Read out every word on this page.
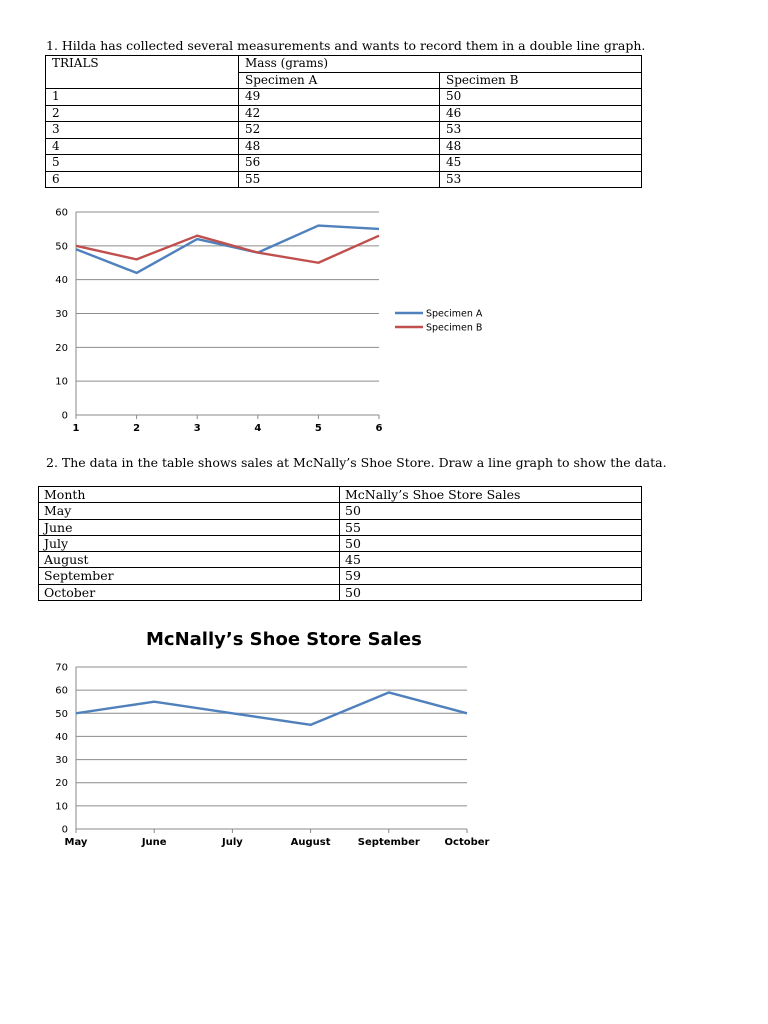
1. Hilda has collected several measurements and wants to record them in a double line graph.
TRIALS	Mass (grams)	
	Specimen A	Specimen B
1	49	50
2	42	46
3	52	53
4	48	48
5	56	45
6	55	53
0
10
20
30
40
50
60
1	2	3	4	5	6
Specimen A
Specimen B
2. The data in the table shows sales at McNally’s Shoe Store. Draw a line graph to show the data.
Month	McNally’s Shoe Store Sales
May	50
June	55
July	50
August	45
September	59
October	50
McNally’s Shoe Store Sales
0
10
20
30
40
50
60
70
May	June	July	August	September October
